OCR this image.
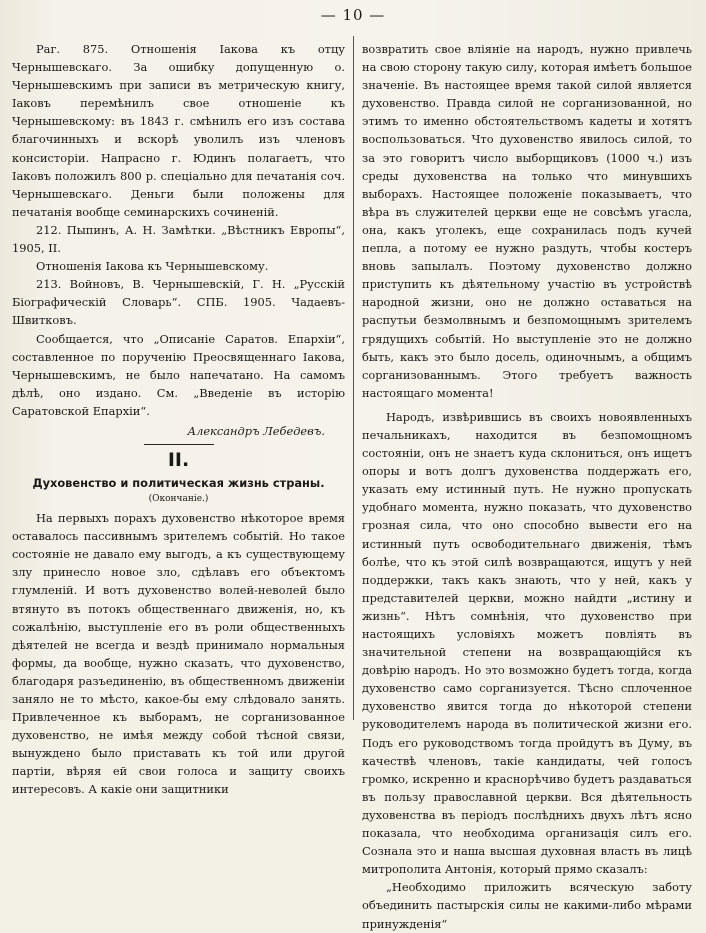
— 10 —

Раг. 875. Отношенія Іакова къ отцу Чернышевскаго. За ошибку допущенную о. Чернышевскимъ при записи въ метрическую книгу, Іаковъ перемѣнилъ свое отношеніе къ Чернышевскому: въ 1843 г. смѣнилъ его изъ состава благочинныхъ и вскорѣ уволилъ изъ членовъ консисторіи. Напрасно г. Юдинъ полагаетъ, что Іаковъ положилъ 800 р. спеціально для печатанія соч. Чернышевскаго. Деньги были положены для печатанія вообще семинарскихъ сочиненій.

212. Пыпинъ, А. Н. Замѣтки. „Вѣстникъ Европы“, 1905, II.

Отношенія Іакова къ Чернышевскому.

213. Войновъ, В. Чернышевскій, Г. Н. „Русскій Біографическій Словарь“. СПБ. 1905. Чадаевъ-Швитковъ.

Сообщается, что „Описаніе Саратов. Епархіи“, составленное по порученію Преосвященнаго Іакова, Чернышевскимъ, не было напечатано. На самомъ дѣлѣ, оно издано. См. „Введеніе въ исторію Саратовской Епархіи“.

Александръ Лебедевъ.
II.

Духовенство и политическая жизнь страны.

(Окончаніе.)

На первыхъ порахъ духовенство нѣкоторое время оставалось пассивнымъ зрителемъ событій. Но такое состояніе не давало ему выгодъ, а къ существующему злу принесло новое зло, сдѣлавъ его объектомъ глумленій. И вотъ духовенство волей-неволей было втянуто въ потокъ общественнаго движенія, но, къ сожалѣнію, выступленіе его въ роли общественныхъ дѣятелей не всегда и вездѣ принимало нормальныя формы, да вообще, нужно сказать, что духовенство, благодаря разъединенію, въ общественномъ движеніи заняло не то мѣсто, какое-бы ему слѣдовало занять. Привлеченное къ выборамъ, не сорганизованное духовенство, не имѣя между собой тѣсной связи, вынуждено было приставать къ той или другой партіи, вѣряя ей свои голоса и защиту своихъ интересовъ. А какіе они защитники

возвратить свое вліяніе на народъ, нужно привлечь на свою сторону такую силу, которая имѣетъ большое значеніе. Въ настоящее время такой силой является духовенство. Правда силой не сорганизованной, но этимъ то именно обстоятельствомъ кадеты и хотятъ воспользоваться. Что духовенство явилось силой, то за это говоритъ число выборщиковъ (1000 ч.) изъ среды духовенства на только что минувшихъ выборахъ. Настоящее положеніе показываетъ, что вѣра въ служителей церкви еще не совсѣмъ угасла, она, какъ уголекъ, еще сохранилась подъ кучей пепла, а потому ее нужно раздуть, чтобы костеръ вновь запылалъ. Поэтому духовенство должно приступить къ дѣятельному участію въ устройствѣ народной жизни, оно не должно оставаться на распутьи безмолвнымъ и безпомощнымъ зрителемъ грядущихъ событій. Но выступленіе это не должно быть, какъ это было досель, одиночнымъ, а общимъ сорганизованнымъ. Этого требуетъ важность настоящаго момента!

Народъ, извѣрившись въ своихъ новоявленныхъ печальникахъ, находится въ безпомощномъ состояніи, онъ не знаетъ куда склониться, онъ ищетъ опоры и вотъ долгъ духовенства поддержать его, указать ему истинный путь. Не нужно пропускать удобнаго момента, нужно показать, что духовенство грозная сила, что оно способно вывести его на истинный путь освободительнаго движенія, тѣмъ болѣе, что къ этой силѣ возвращаются, ищутъ у ней поддержки, такъ какъ знають, что у ней, какъ у представителей церкви, можно найдти „истину и жизнь“. Нѣтъ сомнѣнія, что духовенство при настоящихъ условіяхъ можетъ повліять въ значительной степени на возвращающійся къ довѣрію народъ. Но это возможно будетъ тогда, когда духовенство само сорганизуется. Тѣсно сплоченное духовенство явится тогда до нѣкоторой степени руководителемъ народа въ политической жизни его. Подъ его руководствомъ тогда пройдутъ въ Думу, въ качествѣ членовъ, такіе кандидаты, чей голосъ громко, искренно и краснорѣчиво будетъ раздаваться въ пользу православной церкви. Вся дѣятельность духовенства въ періодъ послѣднихъ двухъ лѣтъ ясно показала, что необходима организація силъ его. Сознала это и наша высшая духовная власть въ лицѣ митрополита Антонія, который прямо сказалъ:

„Необходимо приложить всяческую заботу объединить пастырскія силы не какими-либо мѣрами принужденія“
